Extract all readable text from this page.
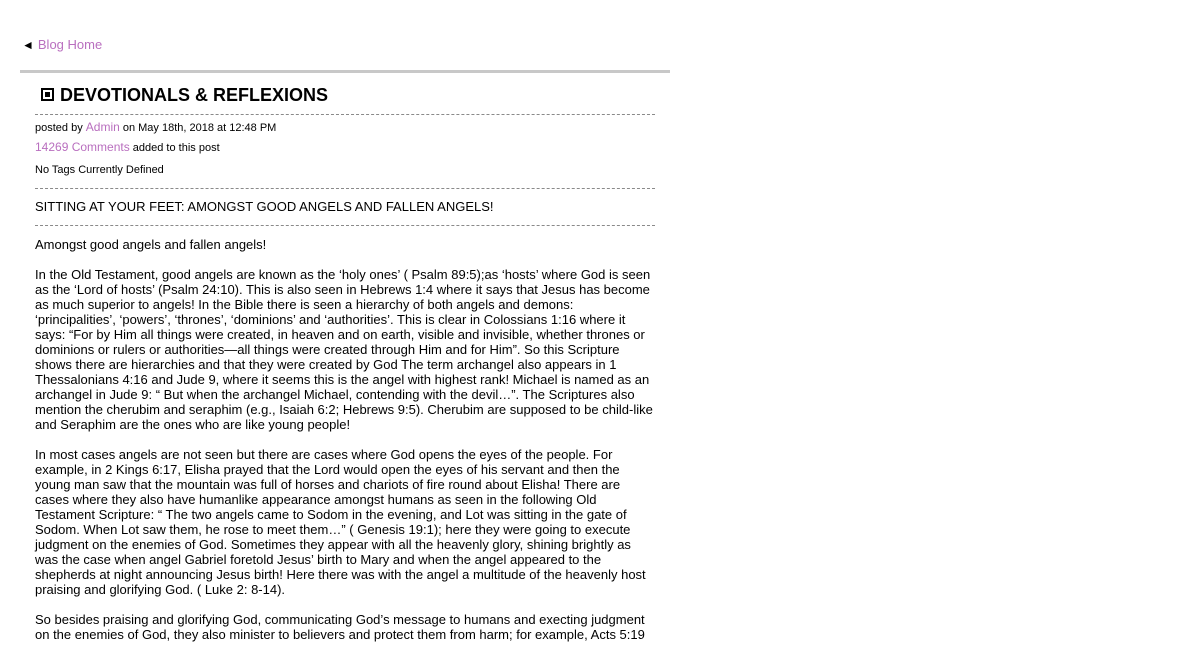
◄ Blog Home
DEVOTIONALS & REFLEXIONS
posted by Admin on May 18th, 2018 at 12:48 PM
14269 Comments added to this post
No Tags Currently Defined
SITTING AT YOUR FEET: AMONGST GOOD ANGELS AND FALLEN ANGELS!

Amongst good angels and fallen angels!

In the Old Testament, good angels are known as the ‘holy ones’ ( Psalm 89:5);as ‘hosts’ where God is seen as the ‘Lord of hosts’ (Psalm 24:10). This is also seen in Hebrews 1:4 where it says that Jesus has become as much superior to angels! In the Bible there is seen a hierarchy of both angels and demons: ‘principalities’, ‘powers’, ‘thrones’, ‘dominions’ and ‘authorities’. This is clear in Colossians 1:16 where it says: “For by Him all things were created, in heaven and on earth, visible and invisible, whether thrones or dominions or rulers or authorities—all things were created through Him and for Him”. So this Scripture shows there are hierarchies and that they were created by God The term archangel also appears in 1 Thessalonians 4:16 and Jude 9, where it seems this is the angel with highest rank! Michael is named as an archangel in Jude 9: “ But when the archangel Michael, contending with the devil…”. The Scriptures also mention the cherubim and seraphim (e.g., Isaiah 6:2; Hebrews 9:5). Cherubim are supposed to be child-like and Seraphim are the ones who are like young people!

In most cases angels are not seen but there are cases where God opens the eyes of the people. For example, in 2 Kings 6:17, Elisha prayed that the Lord would open the eyes of his servant and then the young man saw that the mountain was full of horses and chariots of fire round about Elisha! There are cases where they also have humanlike appearance amongst humans as seen in the following Old Testament Scripture: “ The two angels came to Sodom in the evening, and Lot was sitting in the gate of Sodom. When Lot saw them, he rose to meet them…” ( Genesis 19:1); here they were going to execute judgment on the enemies of God. Sometimes they appear with all the heavenly glory, shining brightly as was the case when angel Gabriel foretold Jesus’ birth to Mary and when the angel appeared to the shepherds at night announcing Jesus birth! Here there was with the angel a multitude of the heavenly host praising and glorifying God. ( Luke 2: 8-14).

So besides praising and glorifying God, communicating God’s message to humans and execting judgment on the enemies of God, they also minister to believers and protect them from harm; for example, Acts 5:19
